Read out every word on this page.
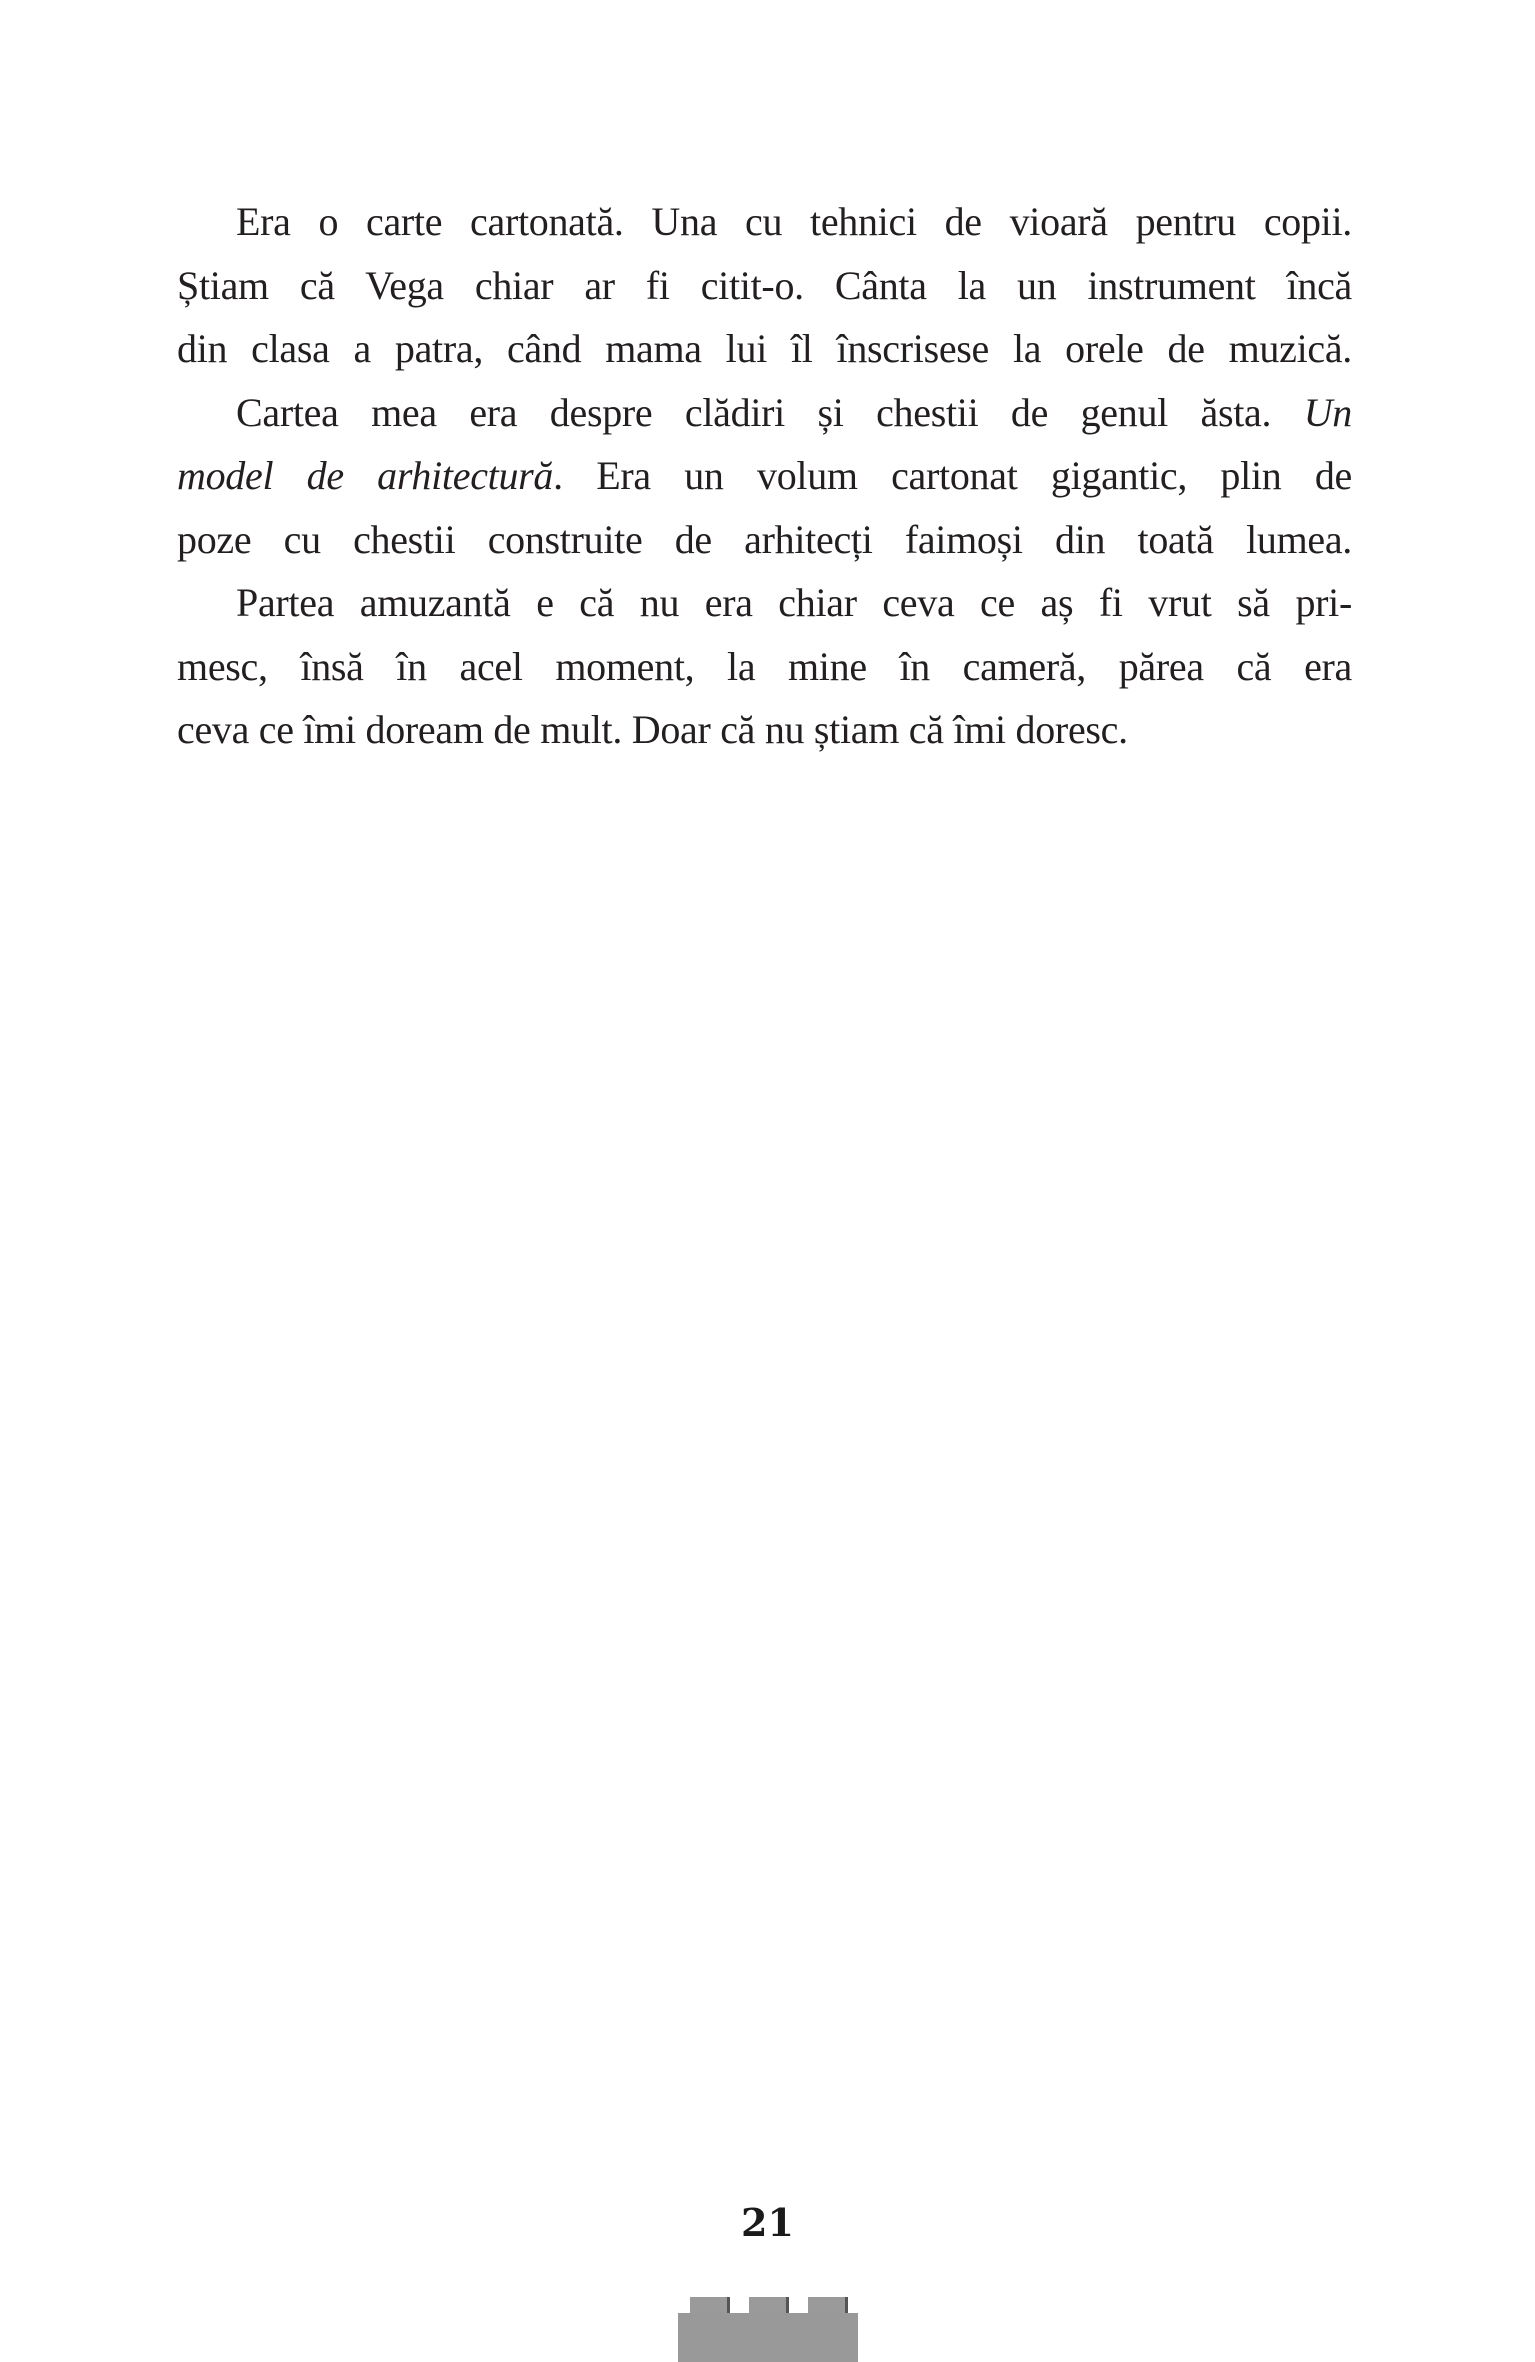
Era o carte cartonată. Una cu tehnici de vioară pentru copii.
Știam că Vega chiar ar fi citit-o. Cânta la un instrument încă
din clasa a patra, când mama lui îl înscrisese la orele de muzică.
Cartea mea era despre clădiri și chestii de genul ăsta. Un
model de arhitectură. Era un volum cartonat gigantic, plin de
poze cu chestii construite de arhitecți faimoși din toată lumea.
Partea amuzantă e că nu era chiar ceva ce aș fi vrut să pri-
mesc, însă în acel moment, la mine în cameră, părea că era
ceva ce îmi doream de mult. Doar că nu știam că îmi doresc.
21
